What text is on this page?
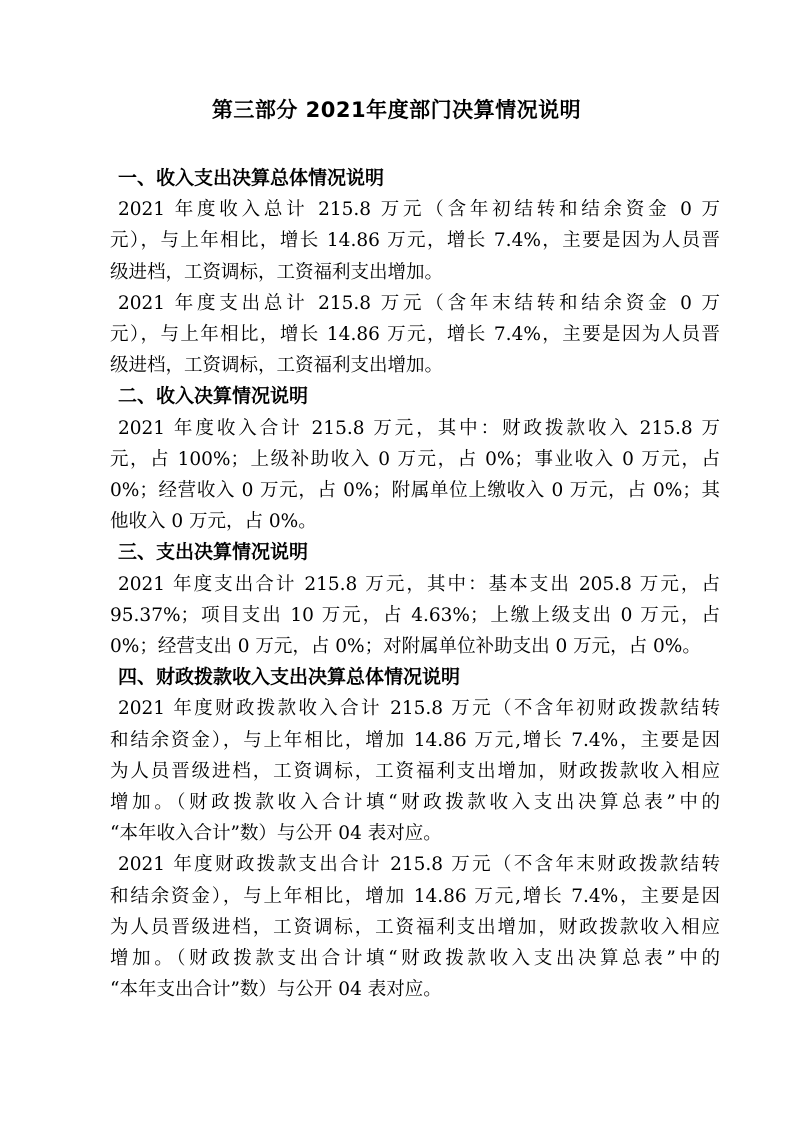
第三部分 2021年度部门决算情况说明
一、收入支出决算总体情况说明
2021 年度收入总计 215.8 万元（含年初结转和结余资金 0 万
元），与上年相比，增长 14.86 万元，增长 7.4%，主要是因为人员晋
级进档，工资调标，工资福利支出增加。
2021 年度支出总计 215.8 万元（含年末结转和结余资金 0 万
元），与上年相比，增长 14.86 万元，增长 7.4%，主要是因为人员晋
级进档，工资调标，工资福利支出增加。
二、收入决算情况说明
2021 年度收入合计 215.8 万元，其中：财政拨款收入 215.8 万
元，占 100%；上级补助收入 0 万元，占 0%；事业收入 0 万元，占
0%；经营收入 0 万元，占 0%；附属单位上缴收入 0 万元，占 0%；其
他收入 0 万元，占 0%。
三、支出决算情况说明
2021 年度支出合计 215.8 万元，其中：基本支出 205.8 万元，占
95.37%；项目支出 10 万元，占 4.63%；上缴上级支出 0 万元，占
0%；经营支出 0 万元，占 0%；对附属单位补助支出 0 万元，占 0%。
四、财政拨款收入支出决算总体情况说明
2021 年度财政拨款收入合计 215.8 万元（不含年初财政拨款结转
和结余资金），与上年相比，增加 14.86 万元,增长 7.4%，主要是因
为人员晋级进档，工资调标，工资福利支出增加，财政拨款收入相应
增加。（财政拨款收入合计填“财政拨款收入支出决算总表”中的
“本年收入合计”数）与公开 04 表对应。
2021 年度财政拨款支出合计 215.8 万元（不含年末财政拨款结转
和结余资金），与上年相比，增加 14.86 万元,增长 7.4%，主要是因
为人员晋级进档，工资调标，工资福利支出增加，财政拨款收入相应
增加。（财政拨款支出合计填“财政拨款收入支出决算总表”中的
“本年支出合计”数）与公开 04 表对应。
